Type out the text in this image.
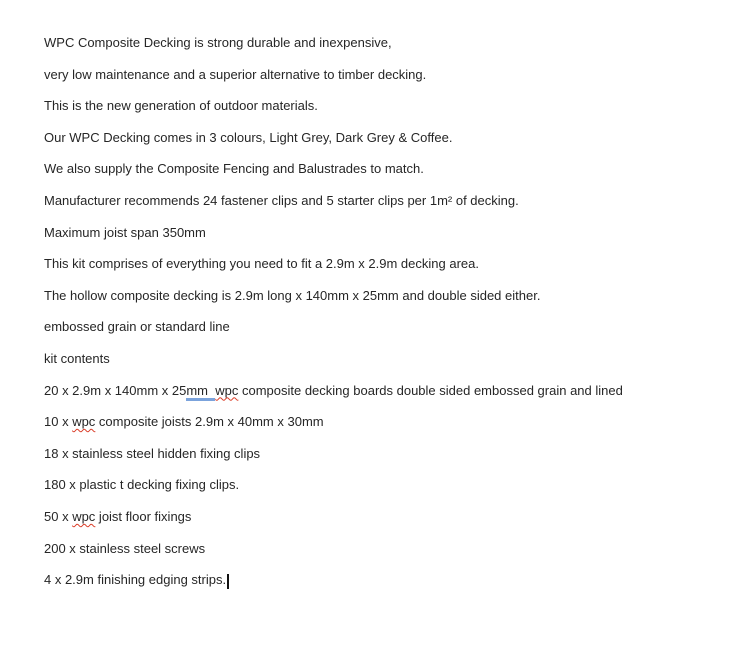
WPC Composite Decking is strong durable and inexpensive,

very low maintenance and a superior alternative to timber decking.

This is the new generation of outdoor materials.

Our WPC Decking comes in 3 colours, Light Grey, Dark Grey & Coffee.

We also supply the Composite Fencing and Balustrades to match.

Manufacturer recommends 24 fastener clips and 5 starter clips per 1m² of decking.

Maximum joist span 350mm

This kit comprises of everything you need to fit a 2.9m x 2.9m decking area.

The hollow composite decking is 2.9m long x 140mm x 25mm and double sided either.

embossed grain or standard line

kit contents

20 x 2.9m x 140mm x 25mm  wpc composite decking boards double sided embossed grain and lined

10 x wpc composite joists 2.9m x 40mm x 30mm

18 x stainless steel hidden fixing clips

180 x plastic t decking fixing clips.

50 x wpc joist floor fixings

200 x stainless steel screws

4 x 2.9m finishing edging strips.
